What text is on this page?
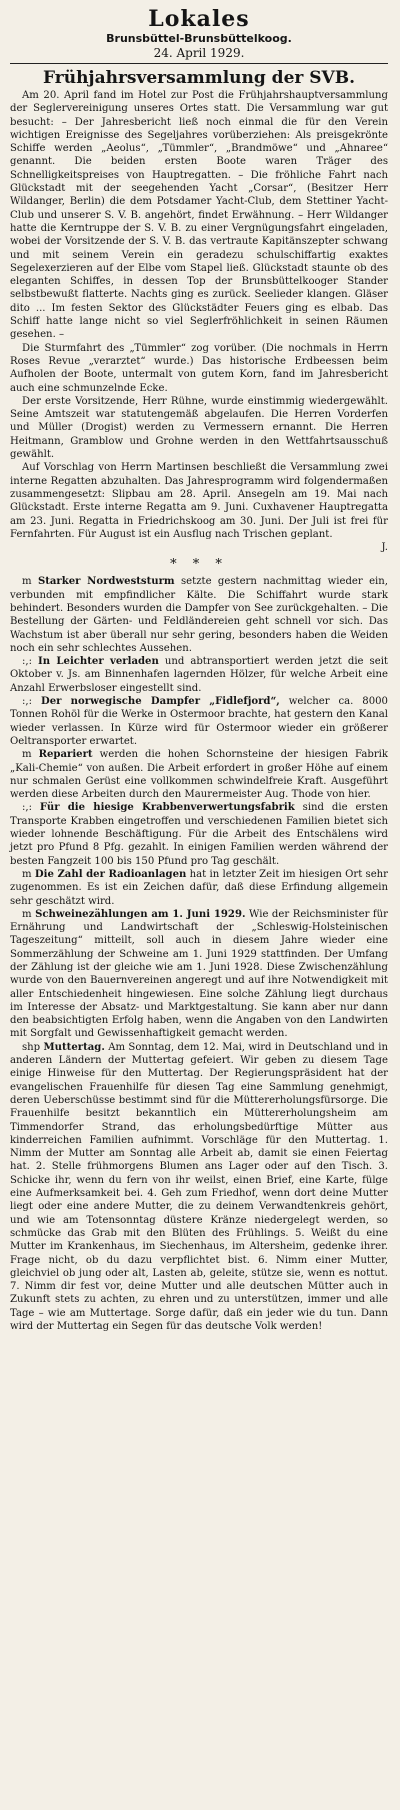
Lokales
Brunsbüttel-Brunsbüttelkoog.
24. April 1929.
Frühjahrsversammlung der SVB.

Am 20. April fand im Hotel zur Post die Frühjahrshauptversammlung der Seglervereinigung unseres Ortes statt. Die Versammlung war gut besucht: – Der Jahresbericht ließ noch einmal die für den Verein wichtigen Ereignisse des Segeljahres vorüberziehen: Als preisgekrönte Schiffe werden „Aeolus“, „Tümmler“, „Brandmöwe“ und „Ahnaree“ genannt. Die beiden ersten Boote waren Träger des Schnelligkeitspreises von Hauptregatten. – Die fröhliche Fahrt nach Glückstadt mit der seegehenden Yacht „Corsar“, (Besitzer Herr Wildanger, Berlin) die dem Potsdamer Yacht-Club, dem Stettiner Yacht-Club und unserer S. V. B. angehört, findet Erwähnung. – Herr Wildanger hatte die Kerntruppe der S. V. B. zu einer Vergnügungsfahrt eingeladen, wobei der Vorsitzende der S. V. B. das vertraute Kapitänszepter schwang und mit seinem Verein ein geradezu schulschiffartig exaktes Segelexerzieren auf der Elbe vom Stapel ließ. Glückstadt staunte ob des eleganten Schiffes, in dessen Top der Brunsbüttelkooger Stander selbstbewußt flatterte. Nachts ging es zurück. Seelieder klangen. Gläser dito ... Im festen Sektor des Glückstädter Feuers ging es elbab. Das Schiff hatte lange nicht so viel Seglerfröhlichkeit in seinen Räumen gesehen. –

Die Sturmfahrt des „Tümmler“ zog vorüber. (Die nochmals in Herrn Roses Revue „verarztet“ wurde.) Das historische Erdbeessen beim Aufholen der Boote, untermalt von gutem Korn, fand im Jahresbericht auch eine schmunzelnde Ecke.

Der erste Vorsitzende, Herr Rühne, wurde einstimmig wiedergewählt. Seine Amtszeit war statutengemäß abgelaufen. Die Herren Vorderfen und Müller (Drogist) werden zu Vermessern ernannt. Die Herren Heitmann, Gramblow und Grohne werden in den Wettfahrtsausschuß gewählt.

Auf Vorschlag von Herrn Martinsen beschließt die Versammlung zwei interne Regatten abzuhalten. Das Jahresprogramm wird folgendermaßen zusammengesetzt: Slipbau am 28. April. Ansegeln am 19. Mai nach Glückstadt. Erste interne Regatta am 9. Juni. Cuxhavener Hauptregatta am 23. Juni. Regatta in Friedrichskoog am 30. Juni. Der Juli ist frei für Fernfahrten. Für August ist ein Ausflug nach Trischen geplant.

J.

* * *

m Starker Nordweststurm setzte gestern nachmittag wieder ein, verbunden mit empfindlicher Kälte. Die Schiffahrt wurde stark behindert. Besonders wurden die Dampfer von See zurückgehalten. – Die Bestellung der Gärten- und Feldländereien geht schnell vor sich. Das Wachstum ist aber überall nur sehr gering, besonders haben die Weiden noch ein sehr schlechtes Aussehen.

:,: In Leichter verladen und abtransportiert werden jetzt die seit Oktober v. Js. am Binnenhafen lagernden Hölzer, für welche Arbeit eine Anzahl Erwerbsloser eingestellt sind.

:,: Der norwegische Dampfer „Fidlefjord“, welcher ca. 8000 Tonnen Rohöl für die Werke in Ostermoor brachte, hat gestern den Kanal wieder verlassen. In Kürze wird für Ostermoor wieder ein größerer Oeltransporter erwartet.

m Repariert werden die hohen Schornsteine der hiesigen Fabrik „Kali-Chemie“ von außen. Die Arbeit erfordert in großer Höhe auf einem nur schmalen Gerüst eine vollkommen schwindelfreie Kraft. Ausgeführt werden diese Arbeiten durch den Maurermeister Aug. Thode von hier.

:,: Für die hiesige Krabbenverwertungsfabrik sind die ersten Transporte Krabben eingetroffen und verschiedenen Familien bietet sich wieder lohnende Beschäftigung. Für die Arbeit des Entschälens wird jetzt pro Pfund 8 Pfg. gezahlt. In einigen Familien werden während der besten Fangzeit 100 bis 150 Pfund pro Tag geschält.

m Die Zahl der Radioanlagen hat in letzter Zeit im hiesigen Ort sehr zugenommen. Es ist ein Zeichen dafür, daß diese Erfindung allgemein sehr geschätzt wird.

m Schweinezählungen am 1. Juni 1929. Wie der Reichsminister für Ernährung und Landwirtschaft der „Schleswig-Holsteinischen Tageszeitung“ mitteilt, soll auch in diesem Jahre wieder eine Sommerzählung der Schweine am 1. Juni 1929 stattfinden. Der Umfang der Zählung ist der gleiche wie am 1. Juni 1928. Diese Zwischenzählung wurde von den Bauernvereinen angeregt und auf ihre Notwendigkeit mit aller Entschiedenheit hingewiesen. Eine solche Zählung liegt durchaus im Interesse der Absatz- und Marktgestaltung. Sie kann aber nur dann den beabsichtigten Erfolg haben, wenn die Angaben von den Landwirten mit Sorgfalt und Gewissenhaftigkeit gemacht werden.

shp Muttertag. Am Sonntag, dem 12. Mai, wird in Deutschland und in anderen Ländern der Muttertag gefeiert. Wir geben zu diesem Tage einige Hinweise für den Muttertag. Der Regierungspräsident hat der evangelischen Frauenhilfe für diesen Tag eine Sammlung genehmigt, deren Ueberschüsse bestimmt sind für die Müttererholungsfürsorge. Die Frauenhilfe besitzt bekanntlich ein Müttererholungsheim am Timmendorfer Strand, das erholungsbedürftige Mütter aus kinderreichen Familien aufnimmt. Vorschläge für den Muttertag. 1. Nimm der Mutter am Sonntag alle Arbeit ab, damit sie einen Feiertag hat. 2. Stelle frühmorgens Blumen ans Lager oder auf den Tisch. 3. Schicke ihr, wenn du fern von ihr weilst, einen Brief, eine Karte, fülge eine Aufmerksamkeit bei. 4. Geh zum Friedhof, wenn dort deine Mutter liegt oder eine andere Mutter, die zu deinem Verwandtenkreis gehört, und wie am Totensonntag düstere Kränze niedergelegt werden, so schmücke das Grab mit den Blüten des Frühlings. 5. Weißt du eine Mutter im Krankenhaus, im Siechenhaus, im Altersheim, gedenke ihrer. Frage nicht, ob du dazu verpflichtet bist. 6. Nimm einer Mutter, gleichviel ob jung oder alt, Lasten ab, geleite, stütze sie, wenn es nottut. 7. Nimm dir fest vor, deine Mutter und alle deutschen Mütter auch in Zukunft stets zu achten, zu ehren und zu unterstützen, immer und alle Tage – wie am Muttertage. Sorge dafür, daß ein jeder wie du tun. Dann wird der Muttertag ein Segen für das deutsche Volk werden!
